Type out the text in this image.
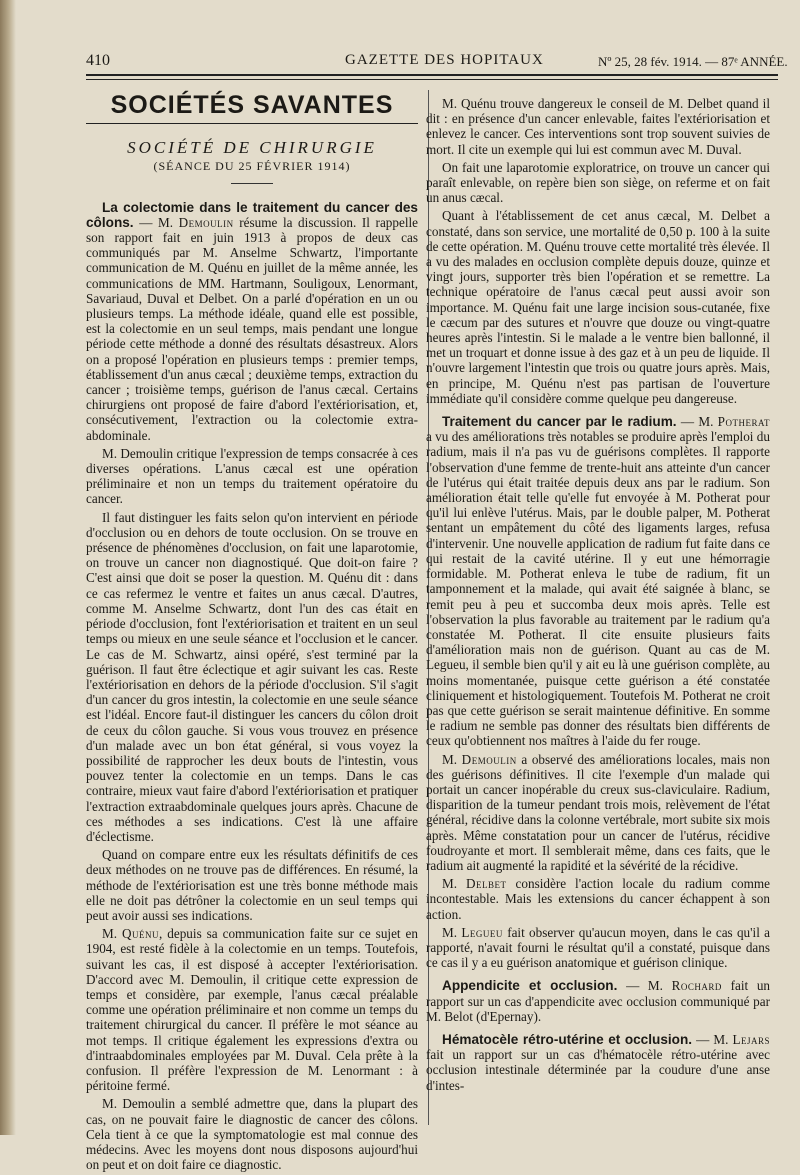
410	GAZETTE DES HOPITAUX	Nº 25, 28 fév. 1914. — 87ᵉ ANNÉE.
SOCIÉTÉS SAVANTES
SOCIÉTÉ DE CHIRURGIE
(SÉANCE DU 25 FÉVRIER 1914)

La colectomie dans le traitement du cancer des côlons. — M. Demoulin résume la discussion. Il rappelle son rapport fait en juin 1913 à propos de deux cas communiqués par M. Anselme Schwartz, l'importante communication de M. Quénu en juillet de la même année, les communications de MM. Hartmann, Souligoux, Lenormant, Savariaud, Duval et Delbet. On a parlé d'opération en un ou plusieurs temps. La méthode idéale, quand elle est possible, est la colectomie en un seul temps, mais pendant une longue période cette méthode a donné des résultats désastreux. Alors on a proposé l'opération en plusieurs temps : premier temps, établissement d'un anus cæcal ; deuxième temps, extraction du cancer ; troisième temps, guérison de l'anus cæcal. Certains chirurgiens ont proposé de faire d'abord l'extériorisation, et, consécutivement, l'extraction ou la colectomie extra-abdominale.

M. Demoulin critique l'expression de temps consacrée à ces diverses opérations. L'anus cæcal est une opération préliminaire et non un temps du traitement opératoire du cancer.

Il faut distinguer les faits selon qu'on intervient en période d'occlusion ou en dehors de toute occlusion. On se trouve en présence de phénomènes d'occlusion, on fait une laparotomie, on trouve un cancer non diagnostiqué. Que doit-on faire ? C'est ainsi que doit se poser la question. M. Quénu dit : dans ce cas refermez le ventre et faites un anus cæcal. D'autres, comme M. Anselme Schwartz, dont l'un des cas était en période d'occlusion, font l'extériorisation et traitent en un seul temps ou mieux en une seule séance et l'occlusion et le cancer. Le cas de M. Schwartz, ainsi opéré, s'est terminé par la guérison. Il faut être éclectique et agir suivant les cas. Reste l'extériorisation en dehors de la période d'occlusion. S'il s'agit d'un cancer du gros intestin, la colectomie en une seule séance est l'idéal. Encore faut-il distinguer les cancers du côlon droit de ceux du côlon gauche. Si vous vous trouvez en présence d'un malade avec un bon état général, si vous voyez la possibilité de rapprocher les deux bouts de l'intestin, vous pouvez tenter la colectomie en un temps. Dans le cas contraire, mieux vaut faire d'abord l'extériorisation et pratiquer l'extraction extraabdominale quelques jours après. Chacune de ces méthodes a ses indications. C'est là une affaire d'éclectisme.

Quand on compare entre eux les résultats définitifs de ces deux méthodes on ne trouve pas de différences. En résumé, la méthode de l'extériorisation est une très bonne méthode mais elle ne doit pas détrôner la colectomie en un seul temps qui peut avoir aussi ses indications.

M. Quénu, depuis sa communication faite sur ce sujet en 1904, est resté fidèle à la colectomie en un temps. Toutefois, suivant les cas, il est disposé à accepter l'extériorisation. D'accord avec M. Demoulin, il critique cette expression de temps et considère, par exemple, l'anus cæcal préalable comme une opération préliminaire et non comme un temps du traitement chirurgical du cancer. Il préfère le mot séance au mot temps. Il critique également les expressions d'extra ou d'intraabdominales employées par M. Duval. Cela prête à la confusion. Il préfère l'expression de M. Lenormant : à péritoine fermé.

M. Demoulin a semblé admettre que, dans la plupart des cas, on ne pouvait faire le diagnostic de cancer des côlons. Cela tient à ce que la symptomatologie est mal connue des médecins. Avec les moyens dont nous disposons aujourd'hui on peut et on doit faire ce diagnostic.

M. Quénu trouve dangereux le conseil de M. Delbet quand il dit : en présence d'un cancer enlevable, faites l'extériorisation et enlevez le cancer. Ces interventions sont trop souvent suivies de mort. Il cite un exemple qui lui est commun avec M. Duval.

On fait une laparotomie exploratrice, on trouve un cancer qui paraît enlevable, on repère bien son siège, on referme et on fait un anus cæcal.

Quant à l'établissement de cet anus cæcal, M. Delbet a constaté, dans son service, une mortalité de 0,50 p. 100 à la suite de cette opération. M. Quénu trouve cette mortalité très élevée. Il a vu des malades en occlusion complète depuis douze, quinze et vingt jours, supporter très bien l'opération et se remettre. La technique opératoire de l'anus cæcal peut aussi avoir son importance. M. Quénu fait une large incision sous-cutanée, fixe le cæcum par des sutures et n'ouvre que douze ou vingt-quatre heures après l'intestin. Si le malade a le ventre bien ballonné, il met un troquart et donne issue à des gaz et à un peu de liquide. Il n'ouvre largement l'intestin que trois ou quatre jours après. Mais, en principe, M. Quénu n'est pas partisan de l'ouverture immédiate qu'il considère comme quelque peu dangereuse.

Traitement du cancer par le radium. — M. Potherat a vu des améliorations très notables se produire après l'emploi du radium, mais il n'a pas vu de guérisons complètes. Il rapporte l'observation d'une femme de trente-huit ans atteinte d'un cancer de l'utérus qui était traitée depuis deux ans par le radium. Son amélioration était telle qu'elle fut envoyée à M. Potherat pour qu'il lui enlève l'utérus. Mais, par le double palper, M. Potherat sentant un empâtement du côté des ligaments larges, refusa d'intervenir. Une nouvelle application de radium fut faite dans ce qui restait de la cavité utérine. Il y eut une hémorragie formidable. M. Potherat enleva le tube de radium, fit un tamponnement et la malade, qui avait été saignée à blanc, se remit peu à peu et succomba deux mois après. Telle est l'observation la plus favorable au traitement par le radium qu'a constatée M. Potherat. Il cite ensuite plusieurs faits d'amélioration mais non de guérison. Quant au cas de M. Legueu, il semble bien qu'il y ait eu là une guérison complète, au moins momentanée, puisque cette guérison a été constatée cliniquement et histologiquement. Toutefois M. Potherat ne croit pas que cette guérison se serait maintenue définitive. En somme le radium ne semble pas donner des résultats bien différents de ceux qu'obtiennent nos maîtres à l'aide du fer rouge.

M. Demoulin a observé des améliorations locales, mais non des guérisons définitives. Il cite l'exemple d'un malade qui portait un cancer inopérable du creux sus-claviculaire. Radium, disparition de la tumeur pendant trois mois, relèvement de l'état général, récidive dans la colonne vertébrale, mort subite six mois après. Même constatation pour un cancer de l'utérus, récidive foudroyante et mort. Il semblerait même, dans ces faits, que le radium ait augmenté la rapidité et la sévérité de la récidive.

M. Delbet considère l'action locale du radium comme incontestable. Mais les extensions du cancer échappent à son action.

M. Legueu fait observer qu'aucun moyen, dans le cas qu'il a rapporté, n'avait fourni le résultat qu'il a constaté, puisque dans ce cas il y a eu guérison anatomique et guérison clinique.

Appendicite et occlusion. — M. Rochard fait un rapport sur un cas d'appendicite avec occlusion communiqué par M. Belot (d'Epernay).

Hématocèle rétro-utérine et occlusion. — M. Lejars fait un rapport sur un cas d'hématocèle rétro-utérine avec occlusion intestinale déterminée par la coudure d'une anse d'intes-
